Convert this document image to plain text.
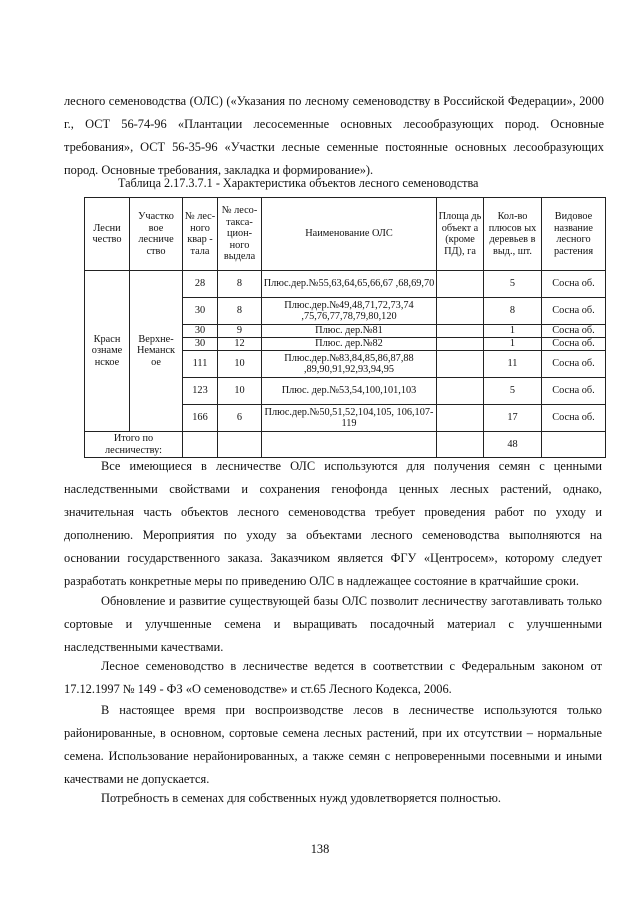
лесного семеноводства (ОЛС) («Указания по лесному семеноводству в Российской Федерации», 2000 г., ОСТ 56-74-96 «Плантации лесосеменные основных лесообразующих пород. Основные требования», ОСТ 56-35-96 «Участки лесные семенные постоянные основных лесообразующих пород. Основные требования, закладка и формирование»).

Таблица 2.17.3.7.1 - Характеристика объектов лесного семеноводства
Лесни чество	Участко вое лесниче ство	№ лес- ного квар - тала	№ лесо- такса- цион- ного выдела	Наименование ОЛС	Площа дь объект а (кроме ПД), га	Кол-во плюсов ых деревьев в выд., шт.	Видовое название лесного растения
Красн ознаме нское	Верхне- Неманск ое	28	8	Плюс.дер.№55,63,64,65,66,67 ,68,69,70		5	Сосна об.
		30	8	Плюс.дер.№49,48,71,72,73,74 ,75,76,77,78,79,80,120		8	Сосна об.
		30	9	Плюс. дер.№81		1	Сосна об.
		30	12	Плюс. дер.№82		1	Сосна об.
		111	10	Плюс.дер.№83,84,85,86,87,88 ,89,90,91,92,93,94,95		11	Сосна об.
		123	10	Плюс. дер.№53,54,100,101,103		5	Сосна об.
		166	6	Плюс.дер.№50,51,52,104,105, 106,107-119		17	Сосна об.
Итого по лесничеству:						48	

Все имеющиеся в лесничестве ОЛС используются для получения семян с ценными наследственными свойствами и сохранения генофонда ценных лесных растений, однако, значительная часть объектов лесного семеноводства требует проведения работ по уходу и дополнению. Мероприятия по уходу за объектами лесного семеноводства выполняются на основании государственного заказа. Заказчиком является ФГУ «Центросем», которому следует разработать конкретные меры по приведению ОЛС в надлежащее состояние в кратчайшие сроки.

Обновление и развитие существующей базы ОЛС позволит лесничеству заготавливать только сортовые и улучшенные семена и выращивать посадочный материал с улучшенными наследственными качествами.

Лесное семеноводство в лесничестве ведется в соответствии с Федеральным законом от 17.12.1997 № 149 - ФЗ «О семеноводстве» и ст.65 Лесного Кодекса, 2006.

В настоящее время при воспроизводстве лесов в лесничестве используются только районированные, в основном, сортовые семена лесных растений, при их отсутствии – нормальные семена. Использование нерайонированных, а также семян с непроверенными посевными и иными качествами не допускается.

Потребность в семенах для собственных нужд удовлетворяется полностью.

138
